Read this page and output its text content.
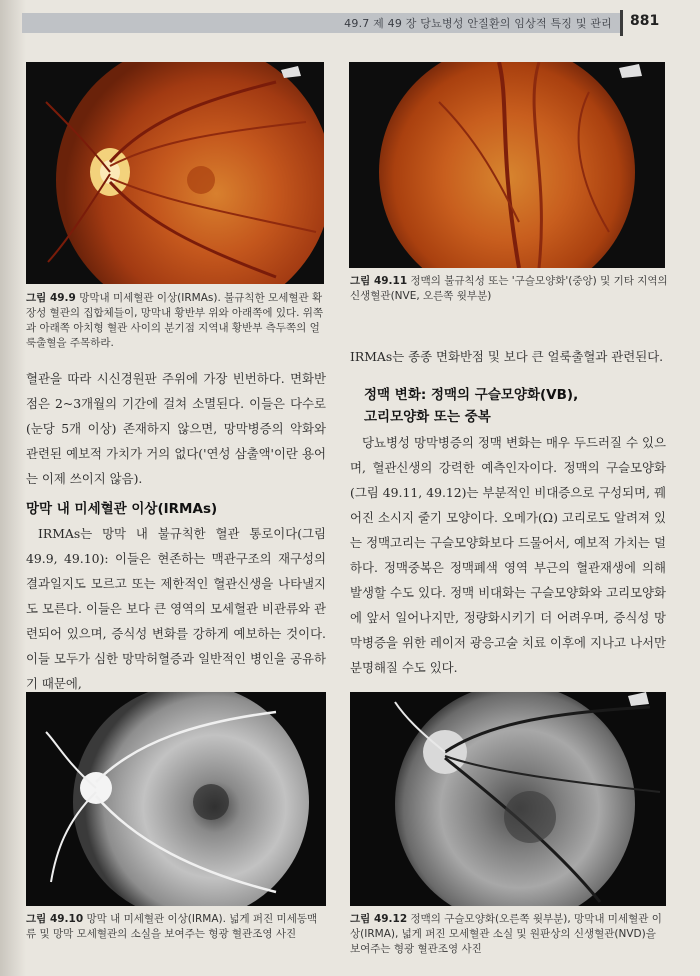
49.7 제 49 장 당뇨병성 안질환의 임상적 특징 및 관리 881
그림 49.9 망막내 미세혈관 이상(IRMAs). 불규칙한 모세혈관 확장성 혈관의 집합체들이, 망막내 황반부 위와 아래쪽에 있다. 위쪽과 아래쪽 아치형 혈관 사이의 분기점 지역내 황반부 측두쪽의 얼룩출혈을 주목하라.
그림 49.11 정맥의 불규칙성 또는 '구슬모양화'(중앙) 및 기타 지역의 신생혈관(NVE, 오른쪽 윗부분)

혈관을 따라 시신경원판 주위에 가장 빈번하다. 면화반점은 2~3개월의 기간에 걸쳐 소멸된다. 이들은 다수로(눈당 5개 이상) 존재하지 않으면, 망막병증의 악화와 관련된 예보적 가치가 거의 없다('연성 삼출액'이란 용어는 이제 쓰이지 않음).

망막 내 미세혈관 이상(IRMAs)

IRMAs는 망막 내 불규칙한 혈관 통로이다(그림 49.9, 49.10): 이들은 현존하는 맥관구조의 재구성의 결과일지도 모르고 또는 제한적인 혈관신생을 나타낼지도 모른다. 이들은 보다 큰 영역의 모세혈관 비관류와 관련되어 있으며, 증식성 변화를 강하게 예보하는 것이다. 이들 모두가 심한 망막허혈증과 일반적인 병인을 공유하기 때문에,

IRMAs는 종종 면화반점 및 보다 큰 얼룩출혈과 관련된다.

정맥 변화: 정맥의 구슬모양화(VB),
고리모양화 또는 중복

당뇨병성 망막병증의 정맥 변화는 매우 두드러질 수 있으며, 혈관신생의 강력한 예측인자이다. 정맥의 구슬모양화(그림 49.11, 49.12)는 부분적인 비대증으로 구성되며, 꿰어진 소시지 줄기 모양이다. 오메가(Ω) 고리로도 알려져 있는 정맥고리는 구슬모양화보다 드물어서, 예보적 가치는 덜하다. 정맥중복은 정맥폐색 영역 부근의 혈관재생에 의해 발생할 수도 있다. 정맥 비대화는 구슬모양화와 고리모양화에 앞서 일어나지만, 정량화시키기 더 어려우며, 증식성 망막병증을 위한 레이저 광응고술 치료 이후에 지나고 나서만 분명해질 수도 있다.

그림 49.10 망막 내 미세혈관 이상(IRMA). 넓게 퍼진 미세동맥류 및 망막 모세혈관의 소실을 보여주는 형광 혈관조영 사진
그림 49.12 정맥의 구슬모양화(오른쪽 윗부분), 망막내 미세혈관 이상(IRMA), 넓게 퍼진 모세혈관 소실 및 원판상의 신생혈관(NVD)을 보여주는 형광 혈관조영 사진
